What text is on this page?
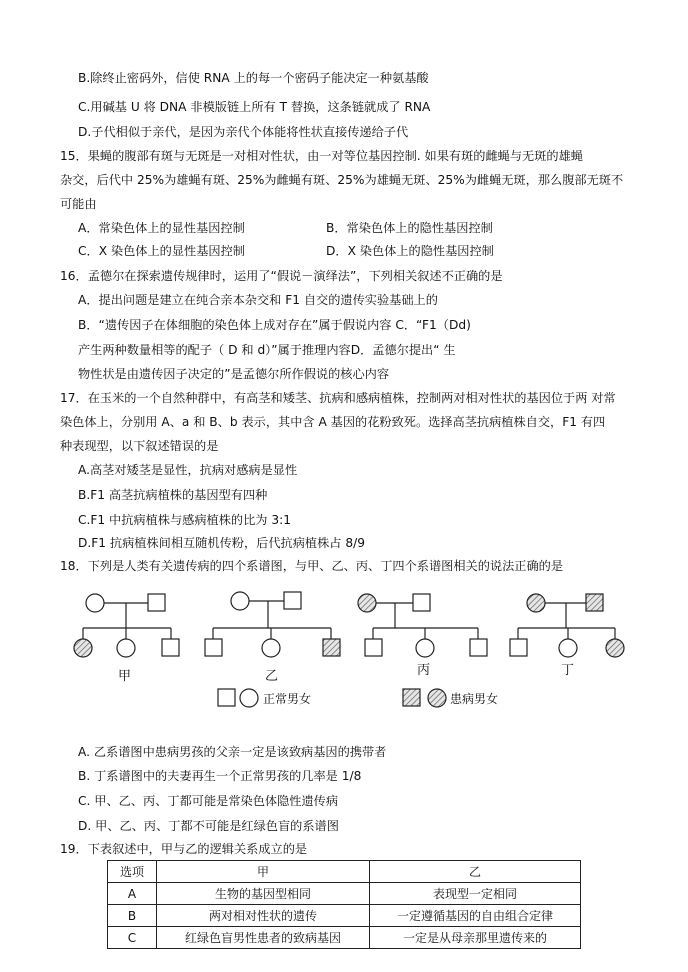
B.除终止密码外，信使 RNA 上的每一个密码子能决定一种氨基酸
C.用碱基 U 将 DNA 非模版链上所有 T 替换，这条链就成了 RNA
D.子代相似于亲代，是因为亲代个体能将性状直接传递给子代
15．果蝇的腹部有斑与无斑是一对相对性状，由一对等位基因控制. 如果有斑的雌蝇与无斑的雄蝇
杂交，后代中 25%为雄蝇有斑、25%为雌蝇有斑、25%为雄蝇无斑、25%为雌蝇无斑，那么腹部无斑不
可能由
A．常染色体上的显性基因控制	B．常染色体上的隐性基因控制
C．X 染色体上的显性基因控制	D．X 染色体上的隐性基因控制
16．孟德尔在探索遗传规律时，运用了“假说－演绎法”，下列相关叙述不正确的是
A．提出问题是建立在纯合亲本杂交和 F1 自交的遗传实验基础上的
B．“遗传因子在体细胞的染色体上成对存在”属于假说内容 C．“F1（Dd)
产生两种数量相等的配子（ D 和 d）”属于推理内容D．孟德尔提出“ 生
物性状是由遗传因子决定的”是孟德尔所作假说的核心内容
17．在玉米的一个自然种群中，有高茎和矮茎、抗病和感病植株，控制两对相对性状的基因位于两 对常
染色体上，分别用 A、a 和 B、b 表示，其中含 A 基因的花粉致死。选择高茎抗病植株自交，F1 有四
种表现型，以下叙述错误的是
A.高茎对矮茎是显性，抗病对感病是显性
B.F1 高茎抗病植株的基因型有四种
C.F1 中抗病植株与感病植株的比为 3:1
D.F1 抗病植株间相互随机传粉，后代抗病植株占 8/9
18．下列是人类有关遗传病的四个系谱图，与甲、乙、丙、丁四个系谱图相关的说法正确的是
甲	乙	丙	丁
正常男女	患病男女
A. 乙系谱图中患病男孩的父亲一定是该致病基因的携带者
B. 丁系谱图中的夫妻再生一个正常男孩的几率是 1/8
C. 甲、乙、丙、丁都可能是常染色体隐性遗传病
D. 甲、乙、丙、丁都不可能是红绿色盲的系谱图
19．下表叙述中，甲与乙的逻辑关系成立的是
选项	甲	乙
A	生物的基因型相同	表现型一定相同
B	两对相对性状的遗传	一定遵循基因的自由组合定律
C	红绿色盲男性患者的致病基因	一定是从母亲那里遗传来的
